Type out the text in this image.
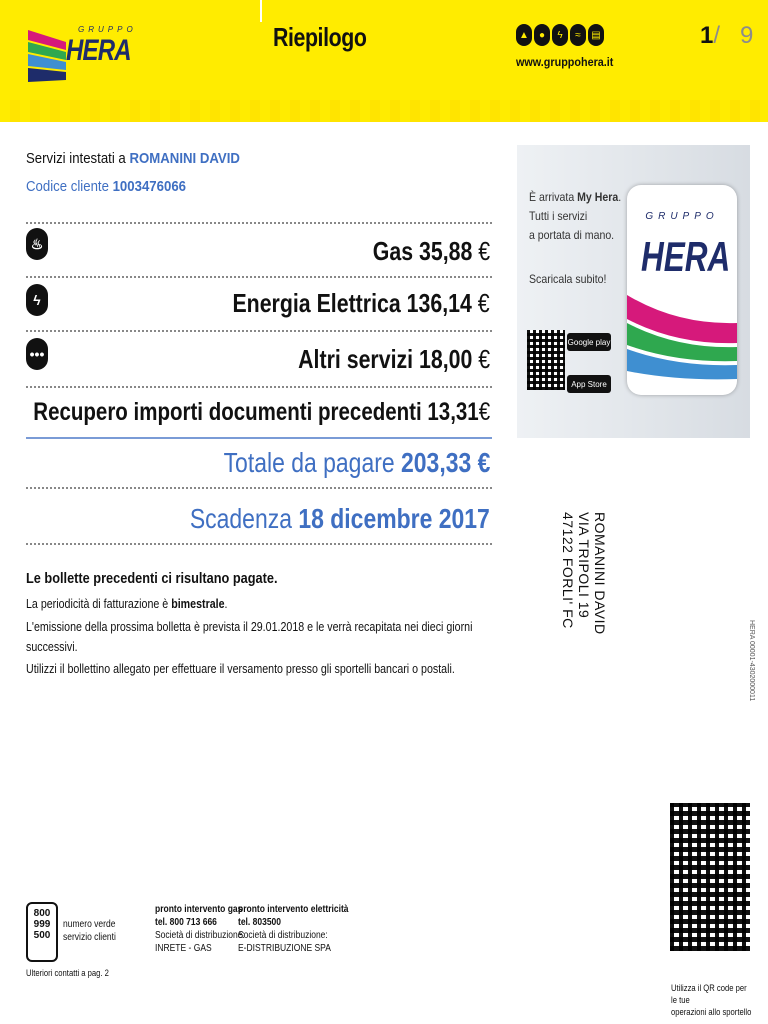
GRUPPO
HERA	Riepilogo	▲	●	ϟ	≈	▤
www.gruppohera.it
1/ 9
Servizi intestati a ROMANINI DAVID
Codice cliente 1003476066
♨	Gas 35,88 €
ϟ	Energia Elettrica 136,14 €
•••	Altri servizi 18,00 €
Recupero importi documenti precedenti 13,31€
Totale da pagare 203,33 €
Scadenza 18 dicembre 2017
Le bollette precedenti ci risultano pagate.
La periodicità di fatturazione è bimestrale.
L'emissione della prossima bolletta è prevista il 29.01.2018 e le verrà recapitata nei dieci giorni
successivi.
Utilizzi il bollettino allegato per effettuare il versamento presso gli sportelli bancari o postali.
È arrivata My Hera.
Tutti i servizi
a portata di mano.
Scaricala subito!
GRUPPO
HERA
Google play
App Store
ROMANINI DAVID
VIA TRIPOLI 19
47122 FORLI' FC
HERA 00001-4302000011
Utilizza il QR code per le tue
operazioni allo sportello
800
999
500
numero verde
servizio clienti
Ulteriori contatti a pag. 2
pronto intervento gas
tel. 800 713 666
Società di distribuzione:
INRETE - GAS
pronto intervento elettricità
tel. 803500
Società di distribuzione:
E-DISTRIBUZIONE SPA
